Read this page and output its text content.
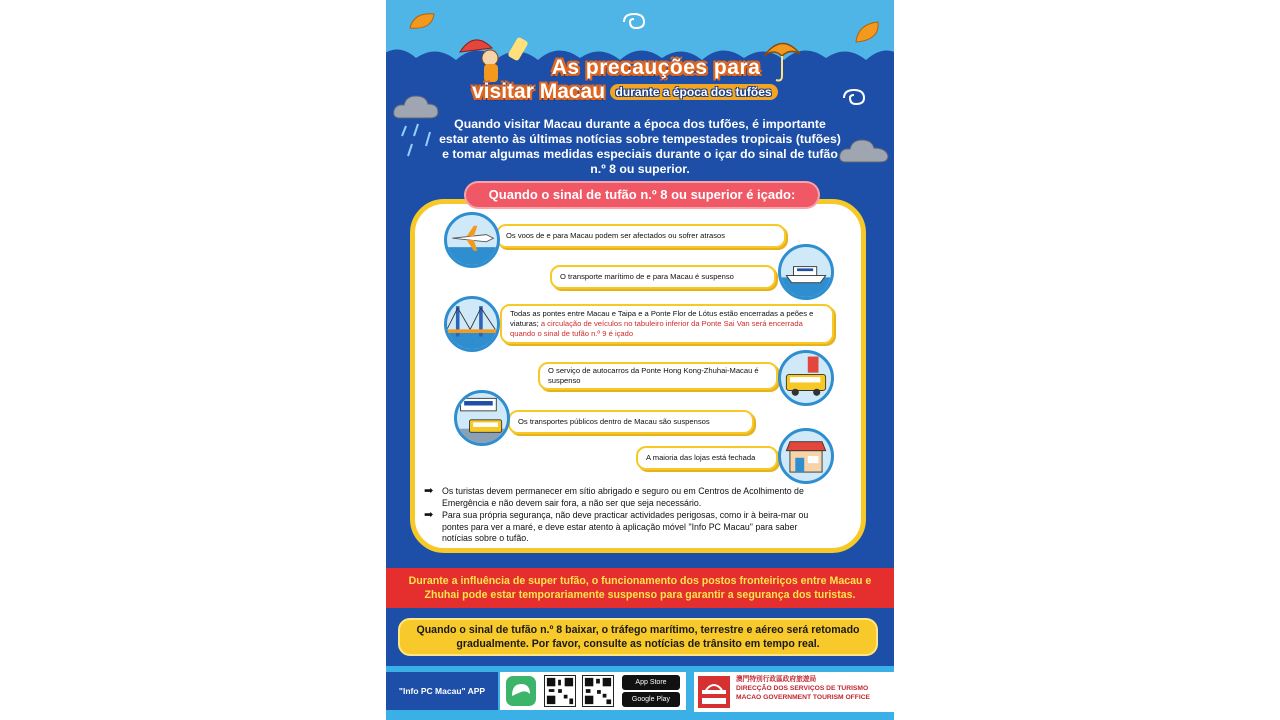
As precauções para
visitar Macau durante a época dos tufões
Quando visitar Macau durante a época dos tufões, é importante estar atento às últimas notícias sobre tempestades tropicais (tufões) e tomar algumas medidas especiais durante o içar do sinal de tufão n.º 8 ou superior.
Quando o sinal de tufão n.º 8 ou superior é içado:
Os voos de e para Macau podem ser afectados ou sofrer atrasos
O transporte marítimo de e para Macau é suspenso
Todas as pontes entre Macau e Taipa e a Ponte Flor de Lótus estão encerradas a peões e viaturas; a circulação de veículos no tabuleiro inferior da Ponte Sai Van será encerrada quando o sinal de tufão n.º 9 é içado
O serviço de autocarros da Ponte Hong Kong-Zhuhai-Macau é suspenso
Os transportes públicos dentro de Macau são suspensos
A maioria das lojas está fechada
➡ Os turistas devem permanecer em sítio abrigado e seguro ou em Centros de Acolhimento de Emergência e não devem sair fora, a não ser que seja necessário.
➡ Para sua própria segurança, não deve practicar actividades perigosas, como ir à beira-mar ou pontes para ver a maré, e deve estar atento à aplicação móvel "Info PC Macau" para saber notícias sobre o tufão.
Durante a influência de super tufão, o funcionamento dos postos fronteiriços entre Macau e Zhuhai pode estar temporariamente suspenso para garantir a segurança dos turistas.
Quando o sinal de tufão n.º 8 baixar, o tráfego marítimo, terrestre e aéreo será retomado gradualmente. Por favor, consulte as notícias de trânsito em tempo real.
"Info PC Macau" APP
App Store
Google Play
澳門特別行政區政府旅遊局
DIRECÇÃO DOS SERVIÇOS DE TURISMO
MACAO GOVERNMENT TOURISM OFFICE
